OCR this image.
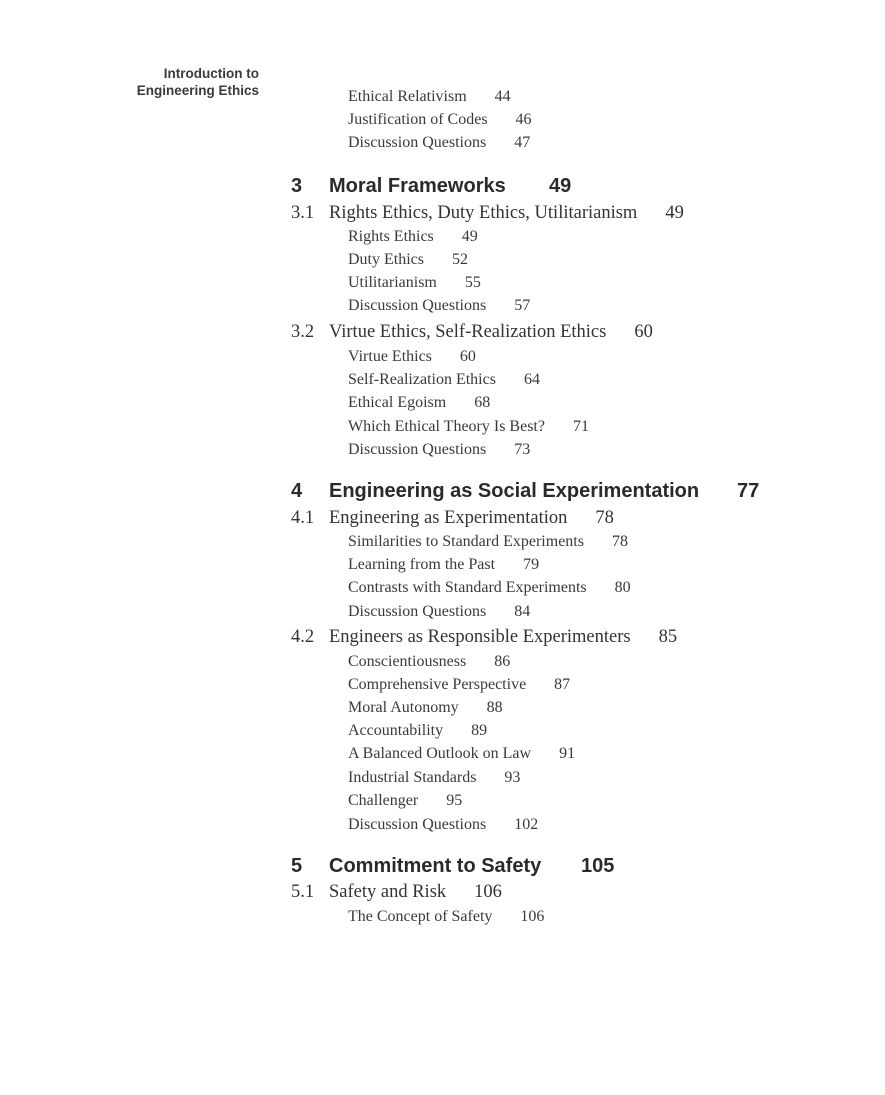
Introduction to
Engineering Ethics	Ethical Relativism 44
Justification of Codes 46
Discussion Questions 47
3 Moral Frameworks 49
3.1 Rights Ethics, Duty Ethics, Utilitarianism 49
Rights Ethics 49
Duty Ethics 52
Utilitarianism 55
Discussion Questions 57
3.2 Virtue Ethics, Self-Realization Ethics 60
Virtue Ethics 60
Self-Realization Ethics 64
Ethical Egoism 68
Which Ethical Theory Is Best? 71
Discussion Questions 73
4 Engineering as Social Experimentation 77
4.1 Engineering as Experimentation 78
Similarities to Standard Experiments 78
Learning from the Past 79
Contrasts with Standard Experiments 80
Discussion Questions 84
4.2 Engineers as Responsible Experimenters 85
Conscientiousness 86
Comprehensive Perspective 87
Moral Autonomy 88
Accountability 89
A Balanced Outlook on Law 91
Industrial Standards 93
Challenger 95
Discussion Questions 102
5 Commitment to Safety 105
5.1 Safety and Risk 106
The Concept of Safety 106
